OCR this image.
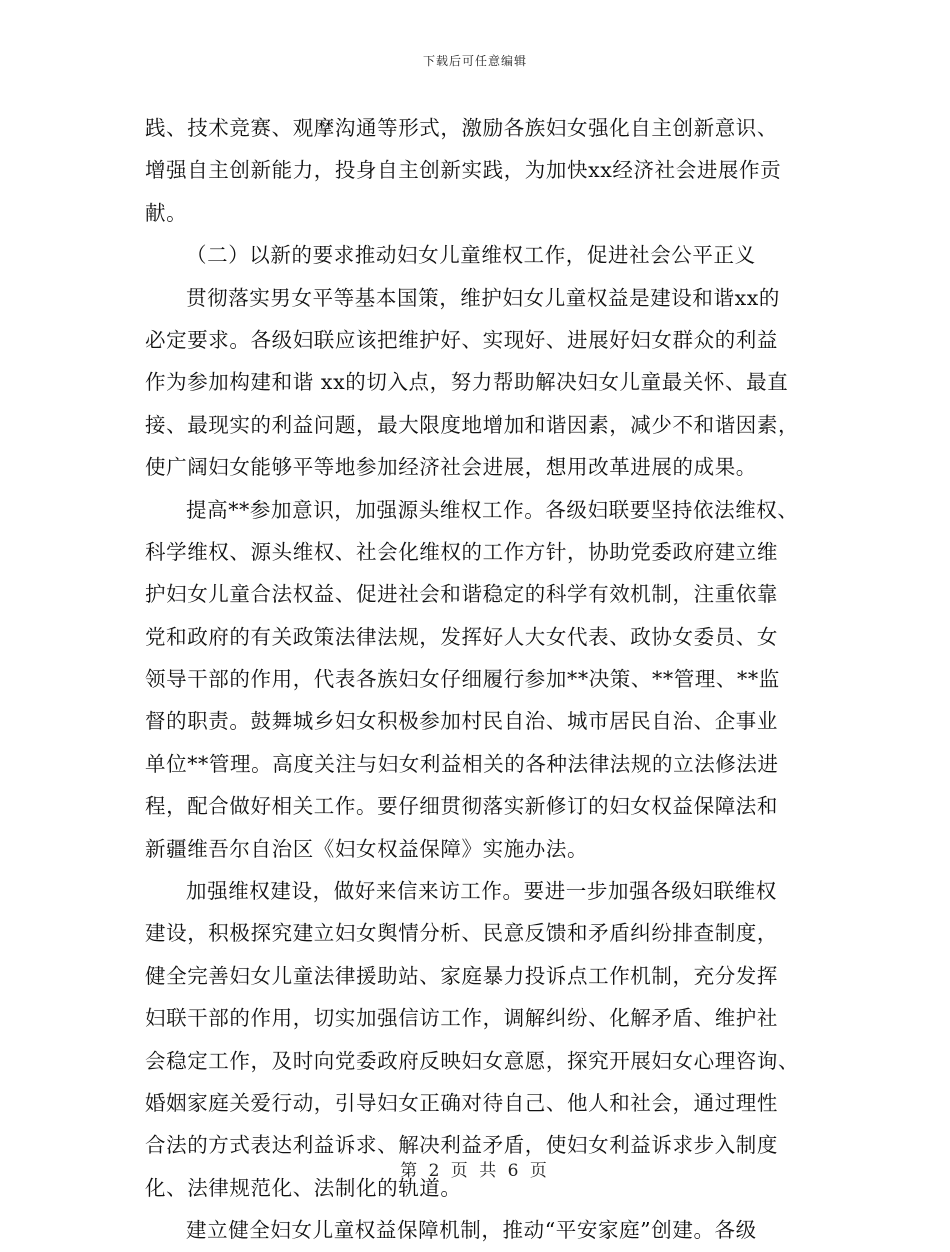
下载后可任意编辑
践、技术竞赛、观摩沟通等形式，激励各族妇女强化自主创新意识、
增强自主创新能力，投身自主创新实践，为加快xx经济社会进展作贡
献。
（二）以新的要求推动妇女儿童维权工作，促进社会公平正义
贯彻落实男女平等基本国策，维护妇女儿童权益是建设和谐xx的
必定要求。各级妇联应该把维护好、实现好、进展好妇女群众的利益
作为参加构建和谐 xx的切入点，努力帮助解决妇女儿童最关怀、最直
接、最现实的利益问题，最大限度地增加和谐因素，减少不和谐因素，
使广阔妇女能够平等地参加经济社会进展，想用改革进展的成果。
提高**参加意识，加强源头维权工作。各级妇联要坚持依法维权、
科学维权、源头维权、社会化维权的工作方针，协助党委政府建立维
护妇女儿童合法权益、促进社会和谐稳定的科学有效机制，注重依靠
党和政府的有关政策法律法规，发挥好人大女代表、政协女委员、女
领导干部的作用，代表各族妇女仔细履行参加**决策、**管理、**监
督的职责。鼓舞城乡妇女积极参加村民自治、城市居民自治、企事业
单位**管理。高度关注与妇女利益相关的各种法律法规的立法修法进
程，配合做好相关工作。要仔细贯彻落实新修订的妇女权益保障法和
新疆维吾尔自治区《妇女权益保障》实施办法。
加强维权建设，做好来信来访工作。要进一步加强各级妇联维权
建设，积极探究建立妇女舆情分析、民意反馈和矛盾纠纷排查制度，
健全完善妇女儿童法律援助站、家庭暴力投诉点工作机制，充分发挥
妇联干部的作用，切实加强信访工作，调解纠纷、化解矛盾、维护社
会稳定工作，及时向党委政府反映妇女意愿，探究开展妇女心理咨询、
婚姻家庭关爱行动，引导妇女正确对待自己、他人和社会，通过理性
合法的方式表达利益诉求、解决利益矛盾，使妇女利益诉求步入制度
化、法律规范化、法制化的轨道。
建立健全妇女儿童权益保障机制，推动“平安家庭”创建。各级
第 2 页 共 6 页
